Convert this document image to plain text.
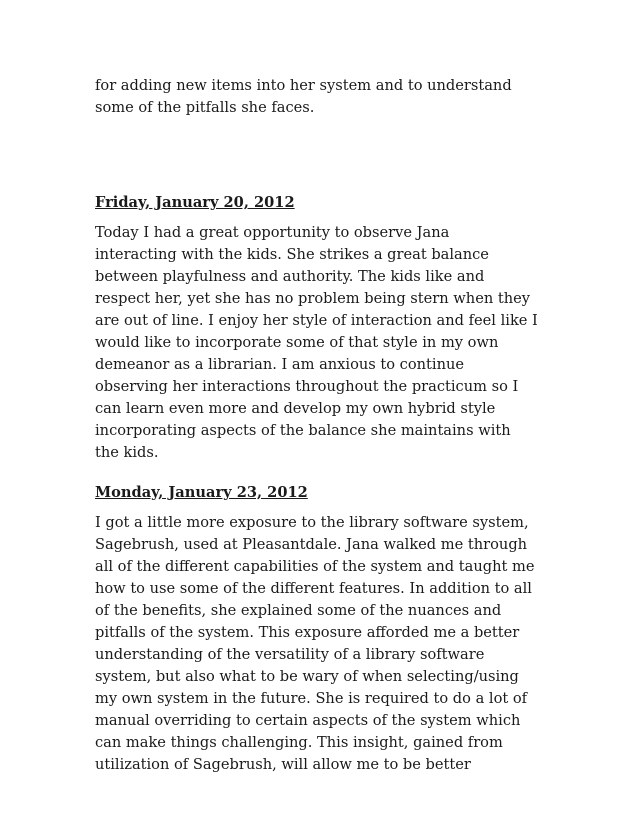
for adding new items into her system and to understand
some of the pitfalls she faces.
Friday, January 20, 2012
Today I had a great opportunity to observe Jana
interacting with the kids. She strikes a great balance
between playfulness and authority. The kids like and
respect her, yet she has no problem being stern when they
are out of line. I enjoy her style of interaction and feel like I
would like to incorporate some of that style in my own
demeanor as a librarian. I am anxious to continue
observing her interactions throughout the practicum so I
can learn even more and develop my own hybrid style
incorporating aspects of the balance she maintains with
the kids.
Monday, January 23, 2012
I got a little more exposure to the library software system,
Sagebrush, used at Pleasantdale. Jana walked me through
all of the different capabilities of the system and taught me
how to use some of the different features. In addition to all
of the benefits, she explained some of the nuances and
pitfalls of the system. This exposure afforded me a better
understanding of the versatility of a library software
system, but also what to be wary of when selecting/using
my own system in the future. She is required to do a lot of
manual overriding to certain aspects of the system which
can make things challenging. This insight, gained from
utilization of Sagebrush, will allow me to be better
